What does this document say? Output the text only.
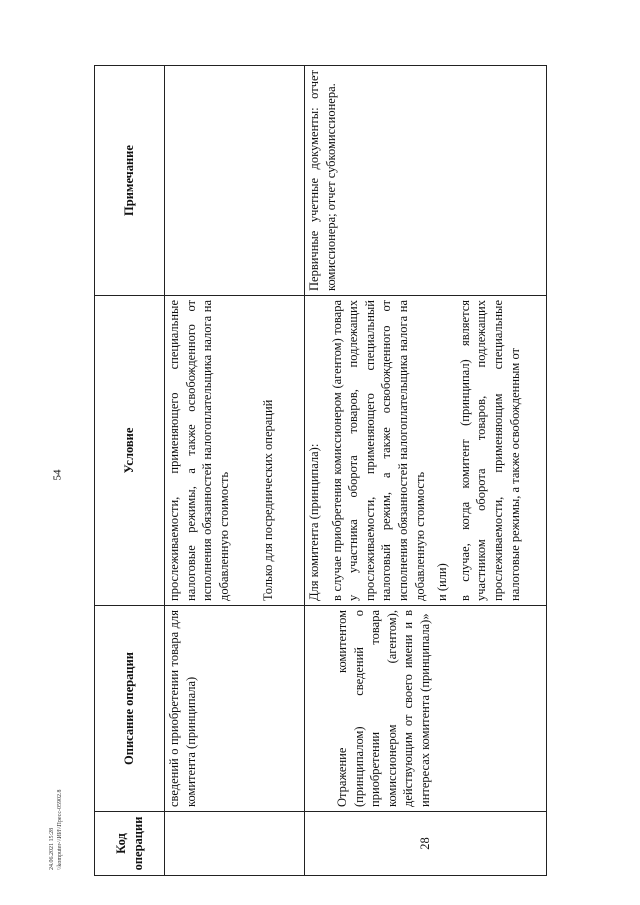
54
24.06.2021 15:28 \\komputer-\\ИИ\\Пресс-05902.8	Код операции	Описание операции	Условие	Примечание
	сведений о приобретении товара для комитента (принципала)	прослеживаемости, применяющего специальные налоговые режимы, а также освобожденного от исполнения обязанностей налогоплательщика налога на добавленную стоимость Только для посреднических операций	

28	Отражение комитентом (принципалом) сведений о приобретении товара комиссионером (агентом), действующим от своего имени и в интересах комитента (принципала)»	Для комитента (принципала): в случае приобретения комиссионером (агентом) товара у участника оборота товаров, подлежащих прослеживаемости, применяющего специальный налоговый режим, а также освобожденного от исполнения обязанностей налогоплательщика налога на добавленную стоимость и (или) в случае, когда комитент (принципал) является участником оборота товаров, подлежащих прослеживаемости, применяющим специальные налоговые режимы, а также освобожденным от	Первичные учетные документы: отчет комиссионера; отчет субкомиссионера.
